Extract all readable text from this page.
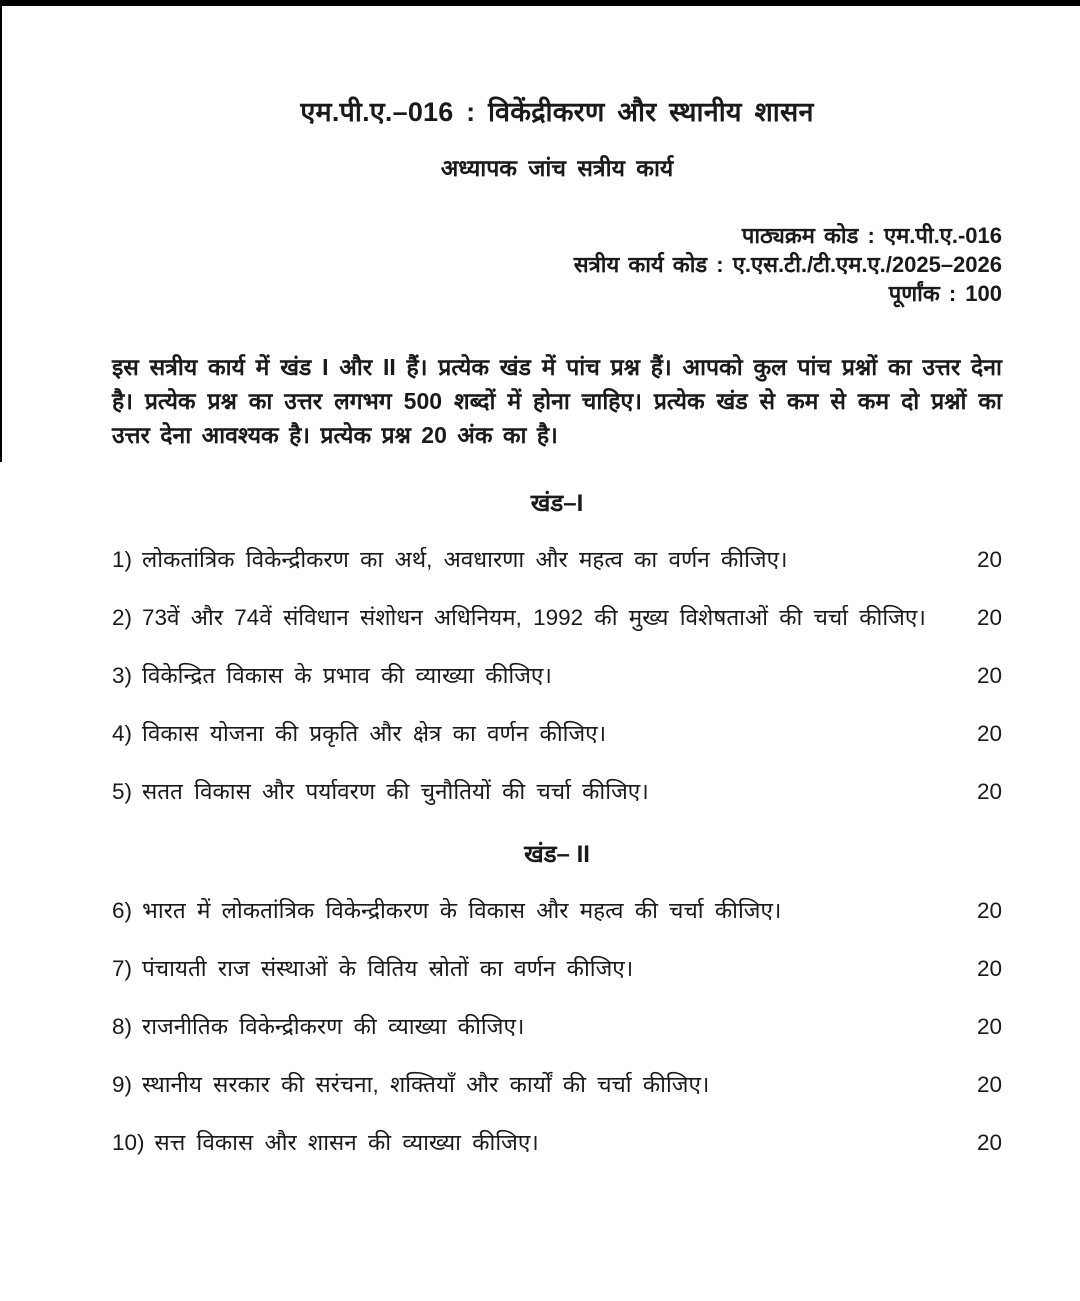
एम.पी.ए.–016 : विकेंद्रीकरण और स्थानीय शासन
अध्यापक जांच सत्रीय कार्य
पाठ्यक्रम कोड : एम.पी.ए.-016
सत्रीय कार्य कोड : ए.एस.टी./टी.एम.ए./2025–2026
पूर्णांक : 100

इस सत्रीय कार्य में खंड I और II हैं। प्रत्येक खंड में पांच प्रश्न हैं। आपको कुल पांच प्रश्नों का उत्तर देना है। प्रत्येक प्रश्न का उत्तर लगभग 500 शब्दों में होना चाहिए। प्रत्येक खंड से कम से कम दो प्रश्नों का उत्तर देना आवश्यक है। प्रत्येक प्रश्न 20 अंक का है।

खंड–I
1) लोकतांत्रिक विकेन्द्रीकरण का अर्थ, अवधारणा और महत्व का वर्णन कीजिए।	20
2) 73वें और 74वें संविधान संशोधन अधिनियम, 1992 की मुख्य विशेषताओं की चर्चा कीजिए।	20
3) विकेन्द्रित विकास के प्रभाव की व्याख्या कीजिए।	20
4) विकास योजना की प्रकृति और क्षेत्र का वर्णन कीजिए।	20
5) सतत विकास और पर्यावरण की चुनौतियों की चर्चा कीजिए।	20
खंड– II
6) भारत में लोकतांत्रिक विकेन्द्रीकरण के विकास और महत्व की चर्चा कीजिए।	20
7) पंचायती राज संस्थाओं के वितिय स्रोतों का वर्णन कीजिए।	20
8) राजनीतिक विकेन्द्रीकरण की व्याख्या कीजिए।	20
9) स्थानीय सरकार की सरंचना, शक्तियाँ और कार्यों की चर्चा कीजिए।	20
10) सत्त विकास और शासन की व्याख्या कीजिए।	20
